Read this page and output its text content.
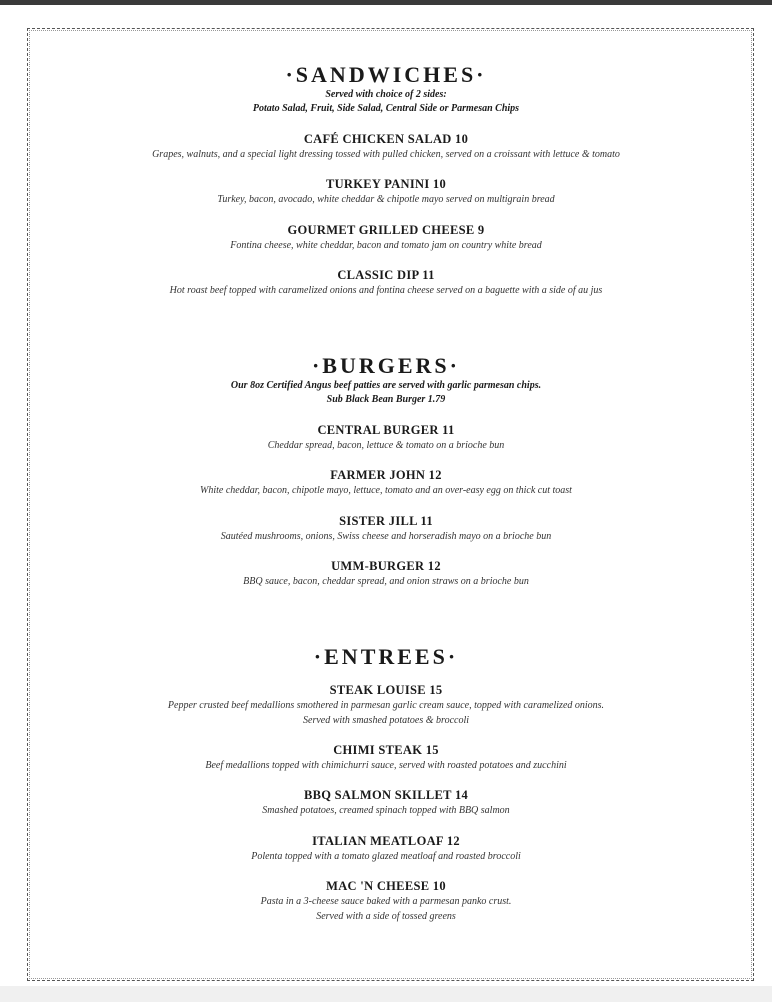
·SANDWICHES·
Served with choice of 2 sides:
Potato Salad, Fruit, Side Salad, Central Side or Parmesan Chips
CAFÉ CHICKEN SALAD 10
Grapes, walnuts, and a special light dressing tossed with pulled chicken, served on a croissant with lettuce & tomato
TURKEY PANINI 10
Turkey, bacon, avocado, white cheddar & chipotle mayo served on multigrain bread
GOURMET GRILLED CHEESE 9
Fontina cheese, white cheddar, bacon and tomato jam on country white bread
CLASSIC DIP 11
Hot roast beef topped with caramelized onions and fontina cheese served on a baguette with a side of au jus
·BURGERS·
Our 8oz Certified Angus beef patties are served with garlic parmesan chips.
Sub Black Bean Burger 1.79
CENTRAL BURGER 11
Cheddar spread, bacon, lettuce & tomato on a brioche bun
FARMER JOHN 12
White cheddar, bacon, chipotle mayo, lettuce, tomato and an over-easy egg on thick cut toast
SISTER JILL 11
Sautéed mushrooms, onions, Swiss cheese and horseradish mayo on a brioche bun
UMM-BURGER 12
BBQ sauce, bacon, cheddar spread, and onion straws on a brioche bun
·ENTREES·
STEAK LOUISE 15
Pepper crusted beef medallions smothered in parmesan garlic cream sauce, topped with caramelized onions.
Served with smashed potatoes & broccoli
CHIMI STEAK 15
Beef medallions topped with chimichurri sauce, served with roasted potatoes and zucchini
BBQ SALMON SKILLET 14
Smashed potatoes, creamed spinach topped with BBQ salmon
ITALIAN MEATLOAF 12
Polenta topped with a tomato glazed meatloaf and roasted broccoli
MAC 'N CHEESE 10
Pasta in a 3-cheese sauce baked with a parmesan panko crust.
Served with a side of tossed greens
